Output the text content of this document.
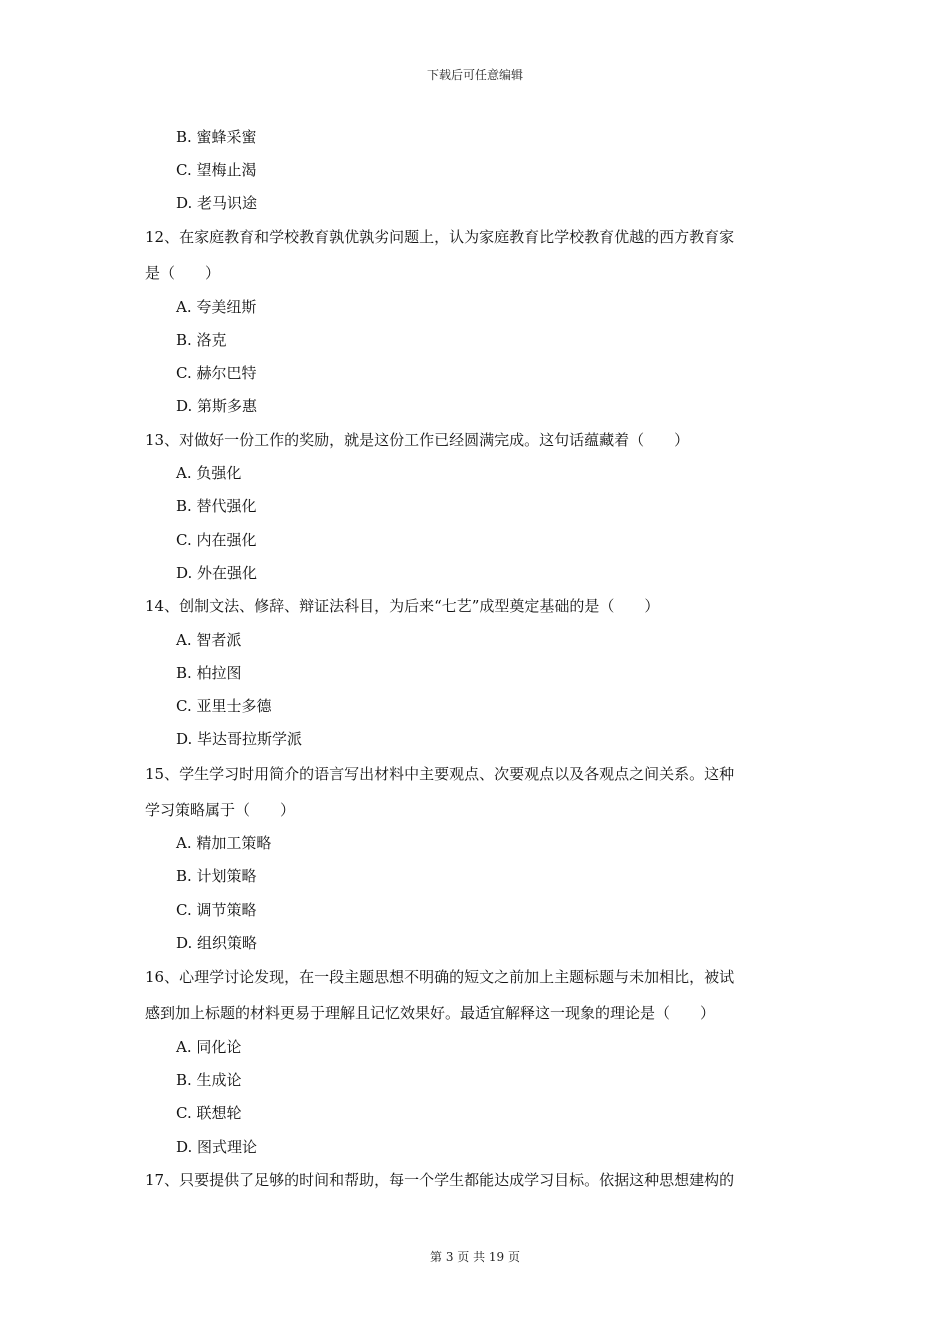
下载后可任意编辑
B. 蜜蜂采蜜
C. 望梅止渴
D. 老马识途
12、在家庭教育和学校教育孰优孰劣问题上，认为家庭教育比学校教育优越的西方教育家
是（　　）
A. 夸美纽斯
B. 洛克
C. 赫尔巴特
D. 第斯多惠
13、对做好一份工作的奖励，就是这份工作已经圆满完成。这句话蕴藏着（　　）
A. 负强化
B. 替代强化
C. 内在强化
D. 外在强化
14、创制文法、修辞、辩证法科目，为后来“七艺”成型奠定基础的是（　　）
A. 智者派
B. 柏拉图
C. 亚里士多德
D. 毕达哥拉斯学派
15、学生学习时用简介的语言写出材料中主要观点、次要观点以及各观点之间关系。这种
学习策略属于（　　）
A. 精加工策略
B. 计划策略
C. 调节策略
D. 组织策略
16、心理学讨论发现，在一段主题思想不明确的短文之前加上主题标题与未加相比，被试
感到加上标题的材料更易于理解且记忆效果好。最适宜解释这一现象的理论是（　　）
A. 同化论
B. 生成论
C. 联想轮
D. 图式理论
17、只要提供了足够的时间和帮助，每一个学生都能达成学习目标。依据这种思想建构的
第 3 页 共 19 页
